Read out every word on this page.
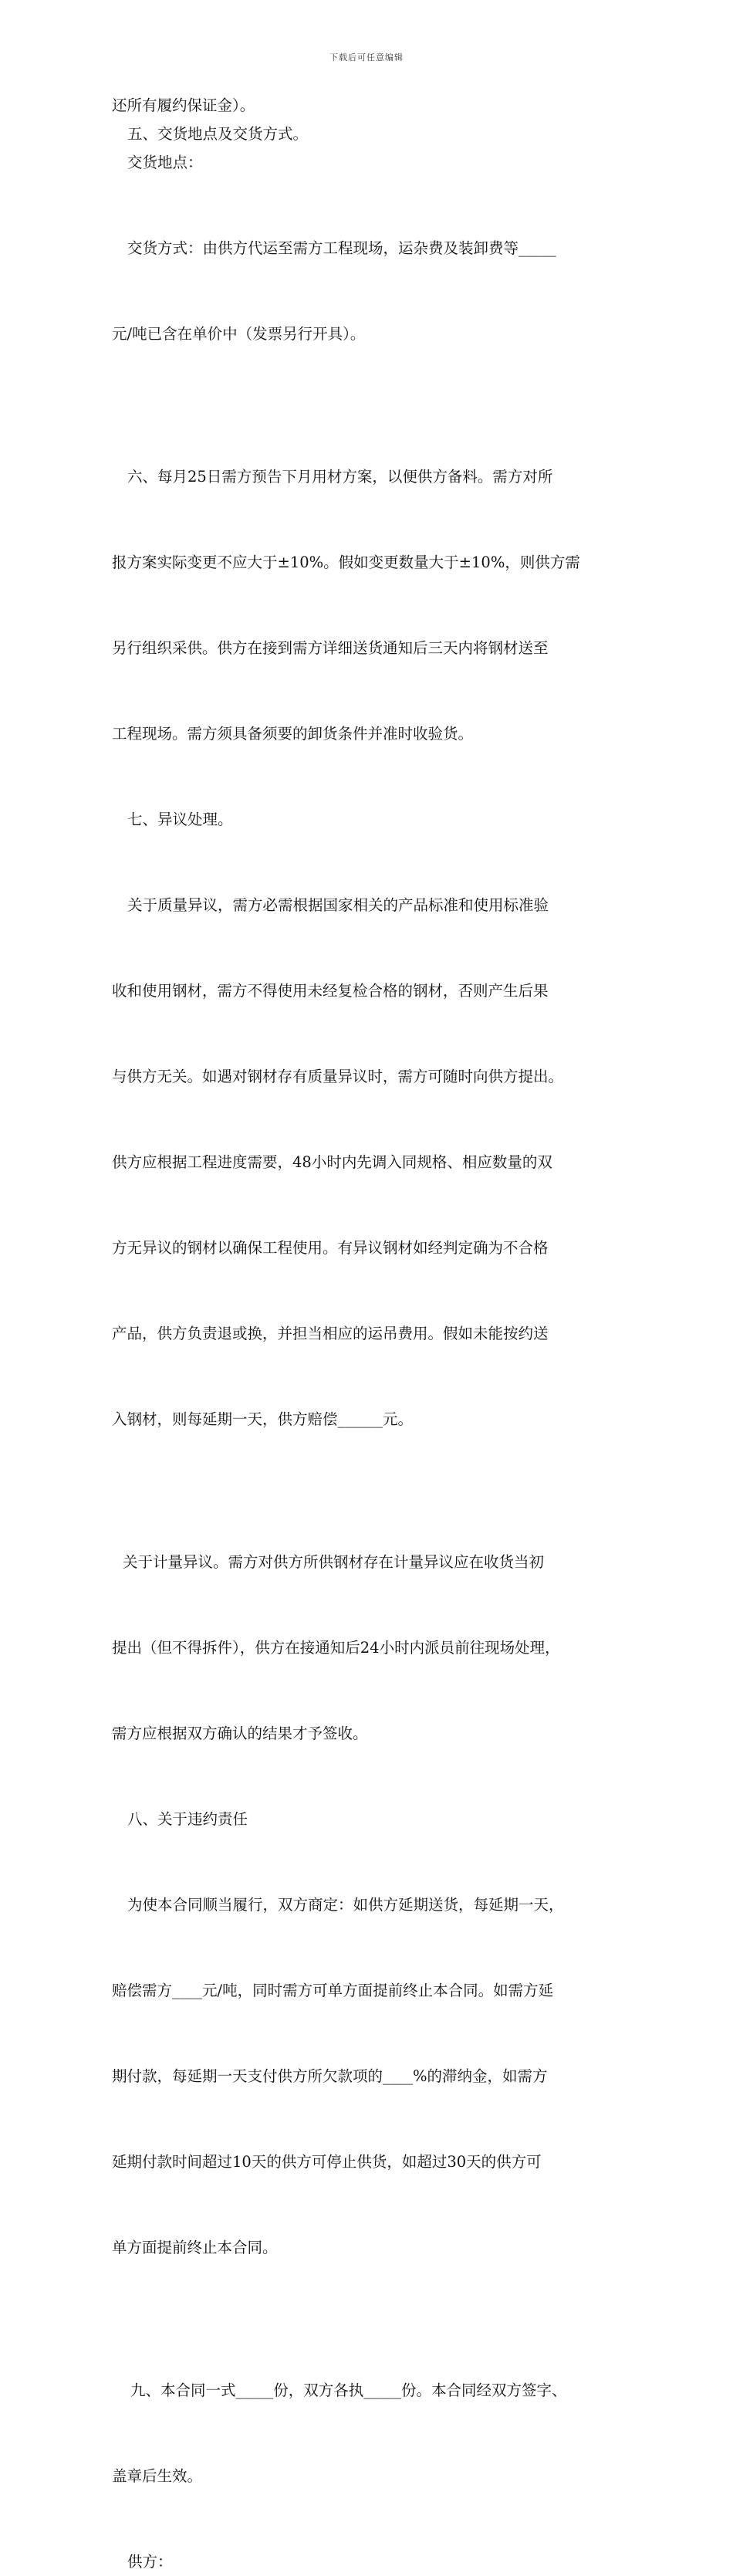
下载后可任意编辑

还所有履约保证金）。

五、交货地点及交货方式。

交货地点：

交货方式：由供方代运至需方工程现场，运杂费及装卸费等_____

元/吨已含在单价中（发票另行开具）。

六、每月25日需方预告下月用材方案，以便供方备料。需方对所

报方案实际变更不应大于±10%。假如变更数量大于±10%，则供方需

另行组织采供。供方在接到需方详细送货通知后三天内将钢材送至

工程现场。需方须具备须要的卸货条件并准时收验货。

七、异议处理。

关于质量异议，需方必需根据国家相关的产品标准和使用标准验

收和使用钢材，需方不得使用未经复检合格的钢材，否则产生后果

与供方无关。如遇对钢材存有质量异议时，需方可随时向供方提出。

供方应根据工程进度需要，48小时内先调入同规格、相应数量的双

方无异议的钢材以确保工程使用。有异议钢材如经判定确为不合格

产品，供方负责退或换，并担当相应的运吊费用。假如未能按约送

入钢材，则每延期一天，供方赔偿______元。

关于计量异议。需方对供方所供钢材存在计量异议应在收货当初

提出（但不得拆件），供方在接通知后24小时内派员前往现场处理，

需方应根据双方确认的结果才予签收。

八、关于违约责任

为使本合同顺当履行，双方商定：如供方延期送货，每延期一天，

赔偿需方____元/吨，同时需方可单方面提前终止本合同。如需方延

期付款，每延期一天支付供方所欠款项的____%的滞纳金，如需方

延期付款时间超过10天的供方可停止供货，如超过30天的供方可

单方面提前终止本合同。

九、本合同一式_____份，双方各执_____份。本合同经双方签字、

盖章后生效。

供方：
